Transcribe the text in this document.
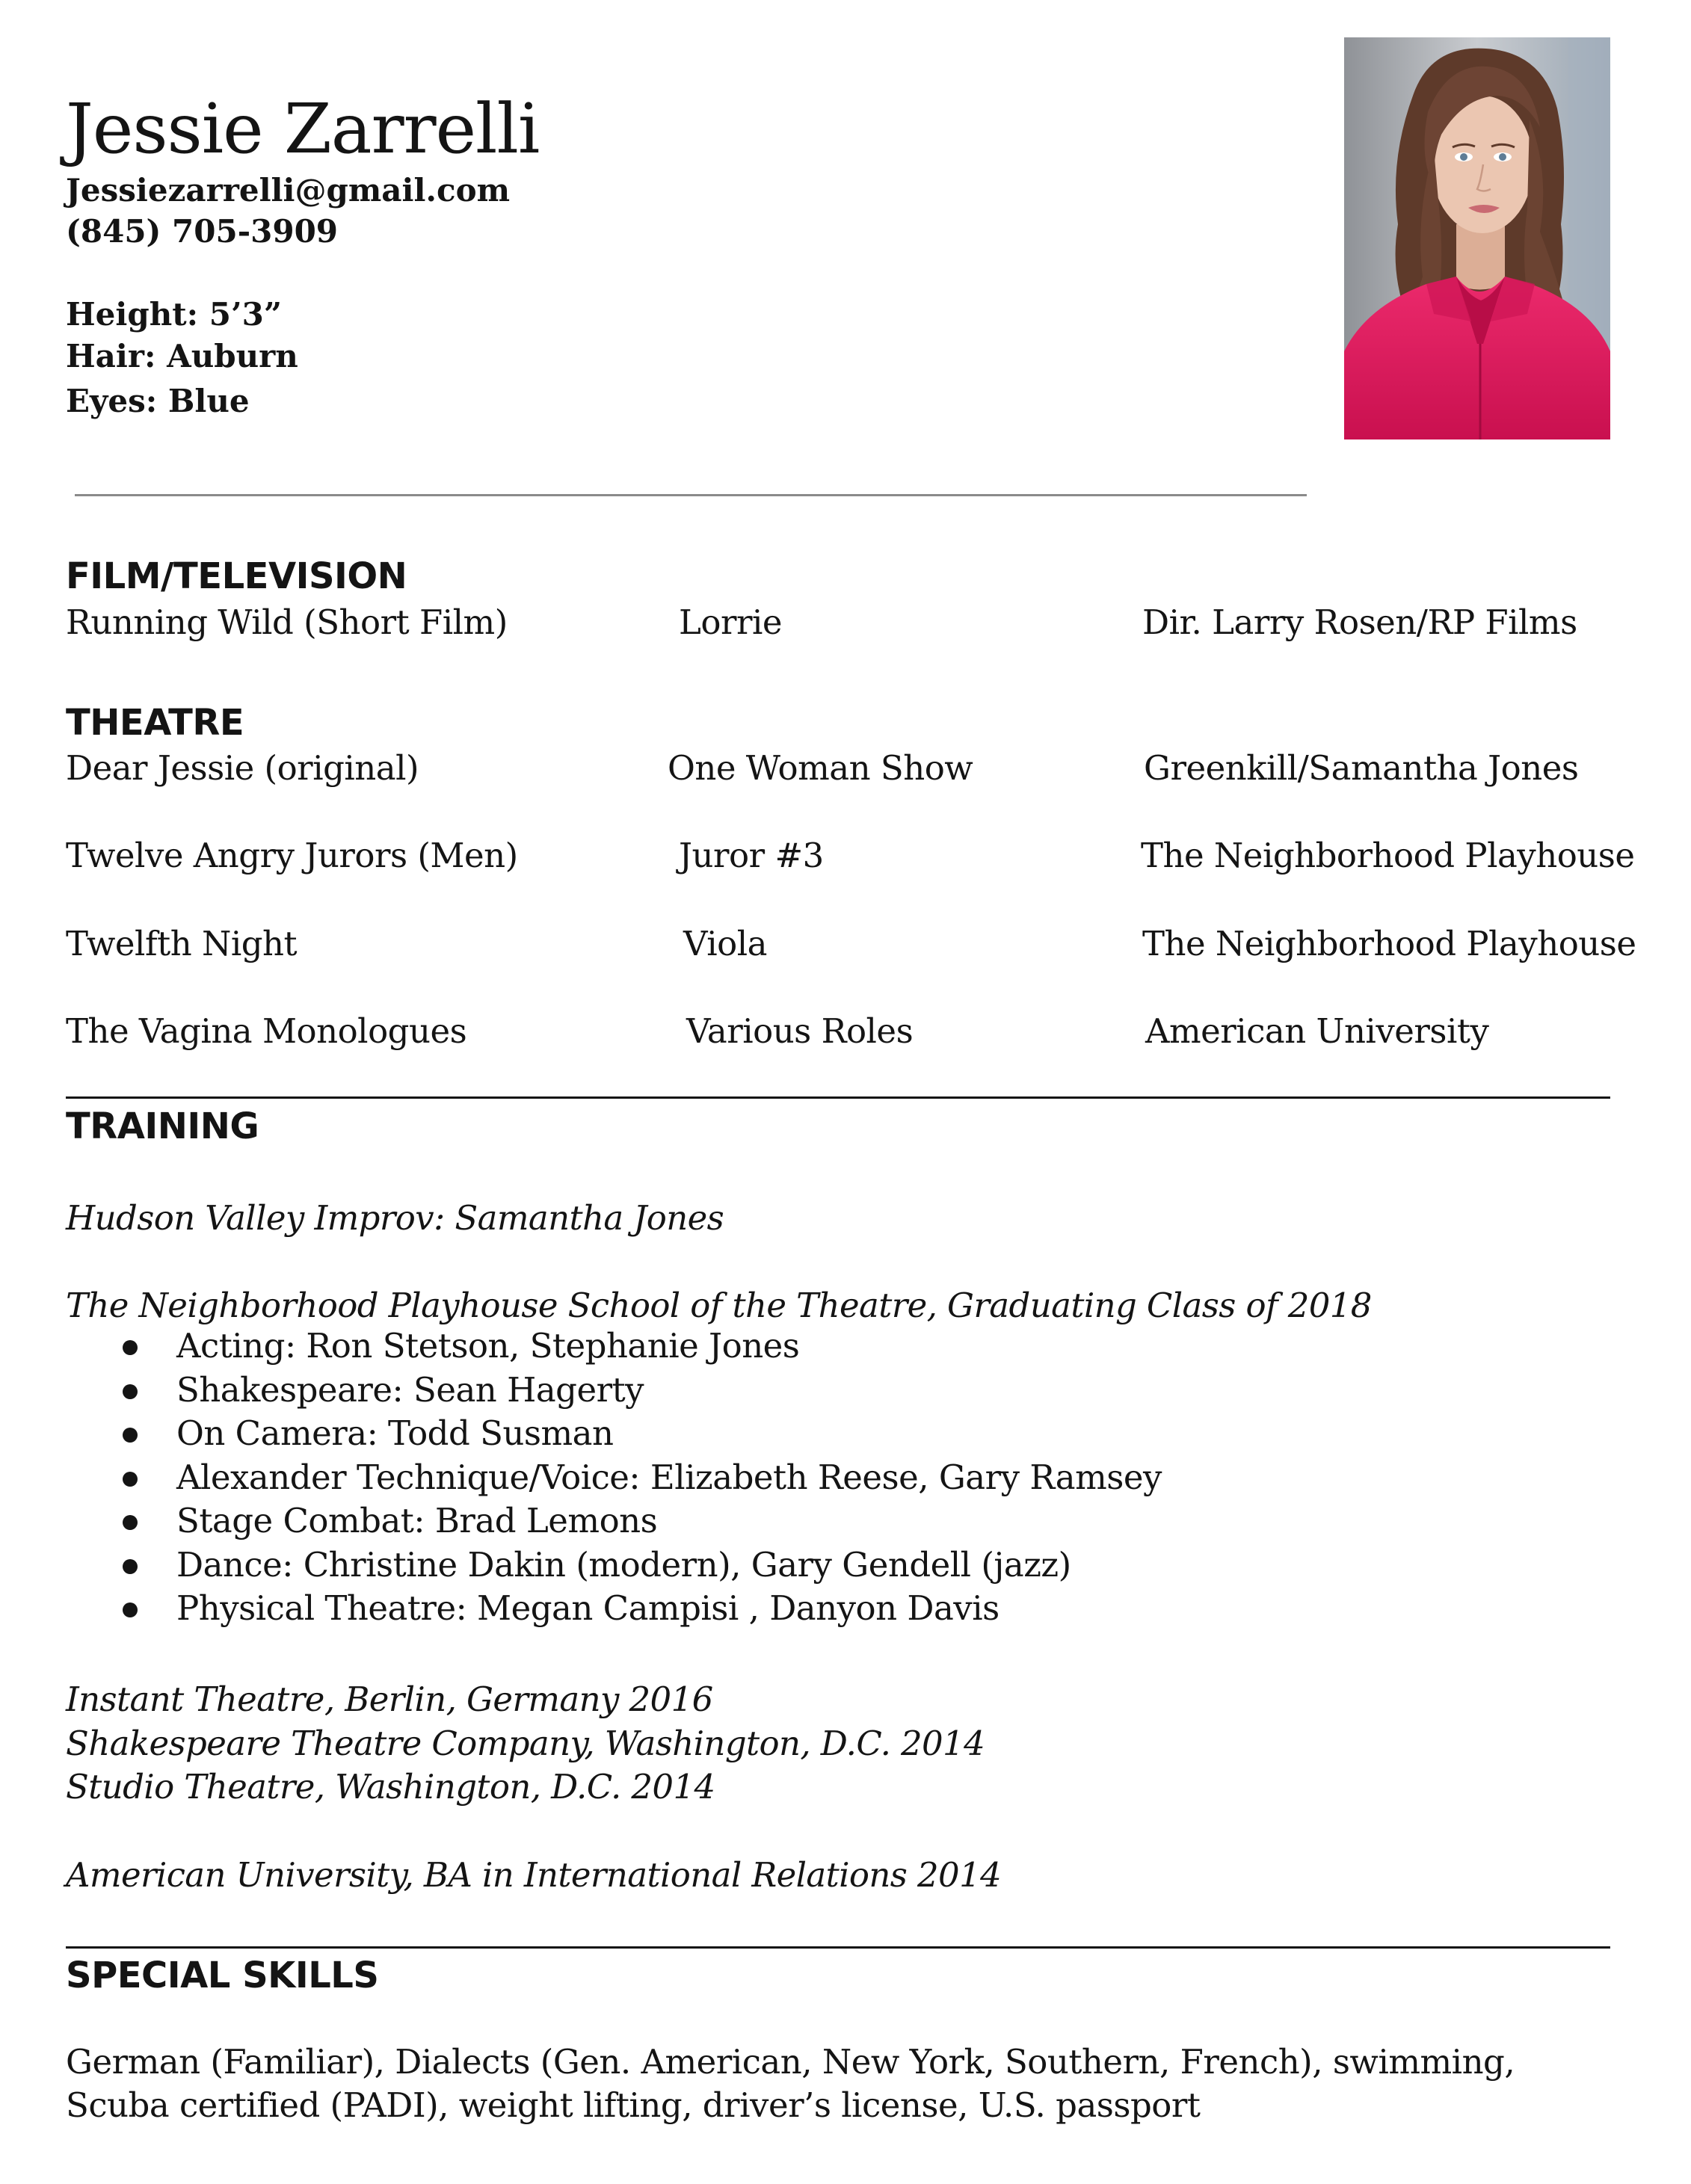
Jessie Zarrelli
Jessiezarrelli@gmail.com
(845) 705-3909
Height: 5’3”
Hair: Auburn
Eyes: Blue
FILM/TELEVISION
Running Wild (Short Film)	Lorrie	Dir. Larry Rosen/RP Films
THEATRE
Dear Jessie (original)	One Woman Show	Greenkill/Samantha Jones
Twelve Angry Jurors (Men)	Juror #3	The Neighborhood Playhouse
Twelfth Night	Viola	The Neighborhood Playhouse
The Vagina Monologues	Various Roles	American University
TRAINING
Hudson Valley Improv: Samantha Jones
The Neighborhood Playhouse School of the Theatre, Graduating Class of 2018
Acting: Ron Stetson, Stephanie Jones
Shakespeare: Sean Hagerty
On Camera: Todd Susman
Alexander Technique/Voice: Elizabeth Reese, Gary Ramsey
Stage Combat: Brad Lemons
Dance: Christine Dakin (modern), Gary Gendell (jazz)
Physical Theatre: Megan Campisi , Danyon Davis
Instant Theatre, Berlin, Germany 2016
Shakespeare Theatre Company, Washington, D.C. 2014
Studio Theatre, Washington, D.C. 2014
American University, BA in International Relations 2014
SPECIAL SKILLS
German (Familiar), Dialects (Gen. American, New York, Southern, French), swimming, Scuba certified (PADI), weight lifting, driver’s license, U.S. passport
